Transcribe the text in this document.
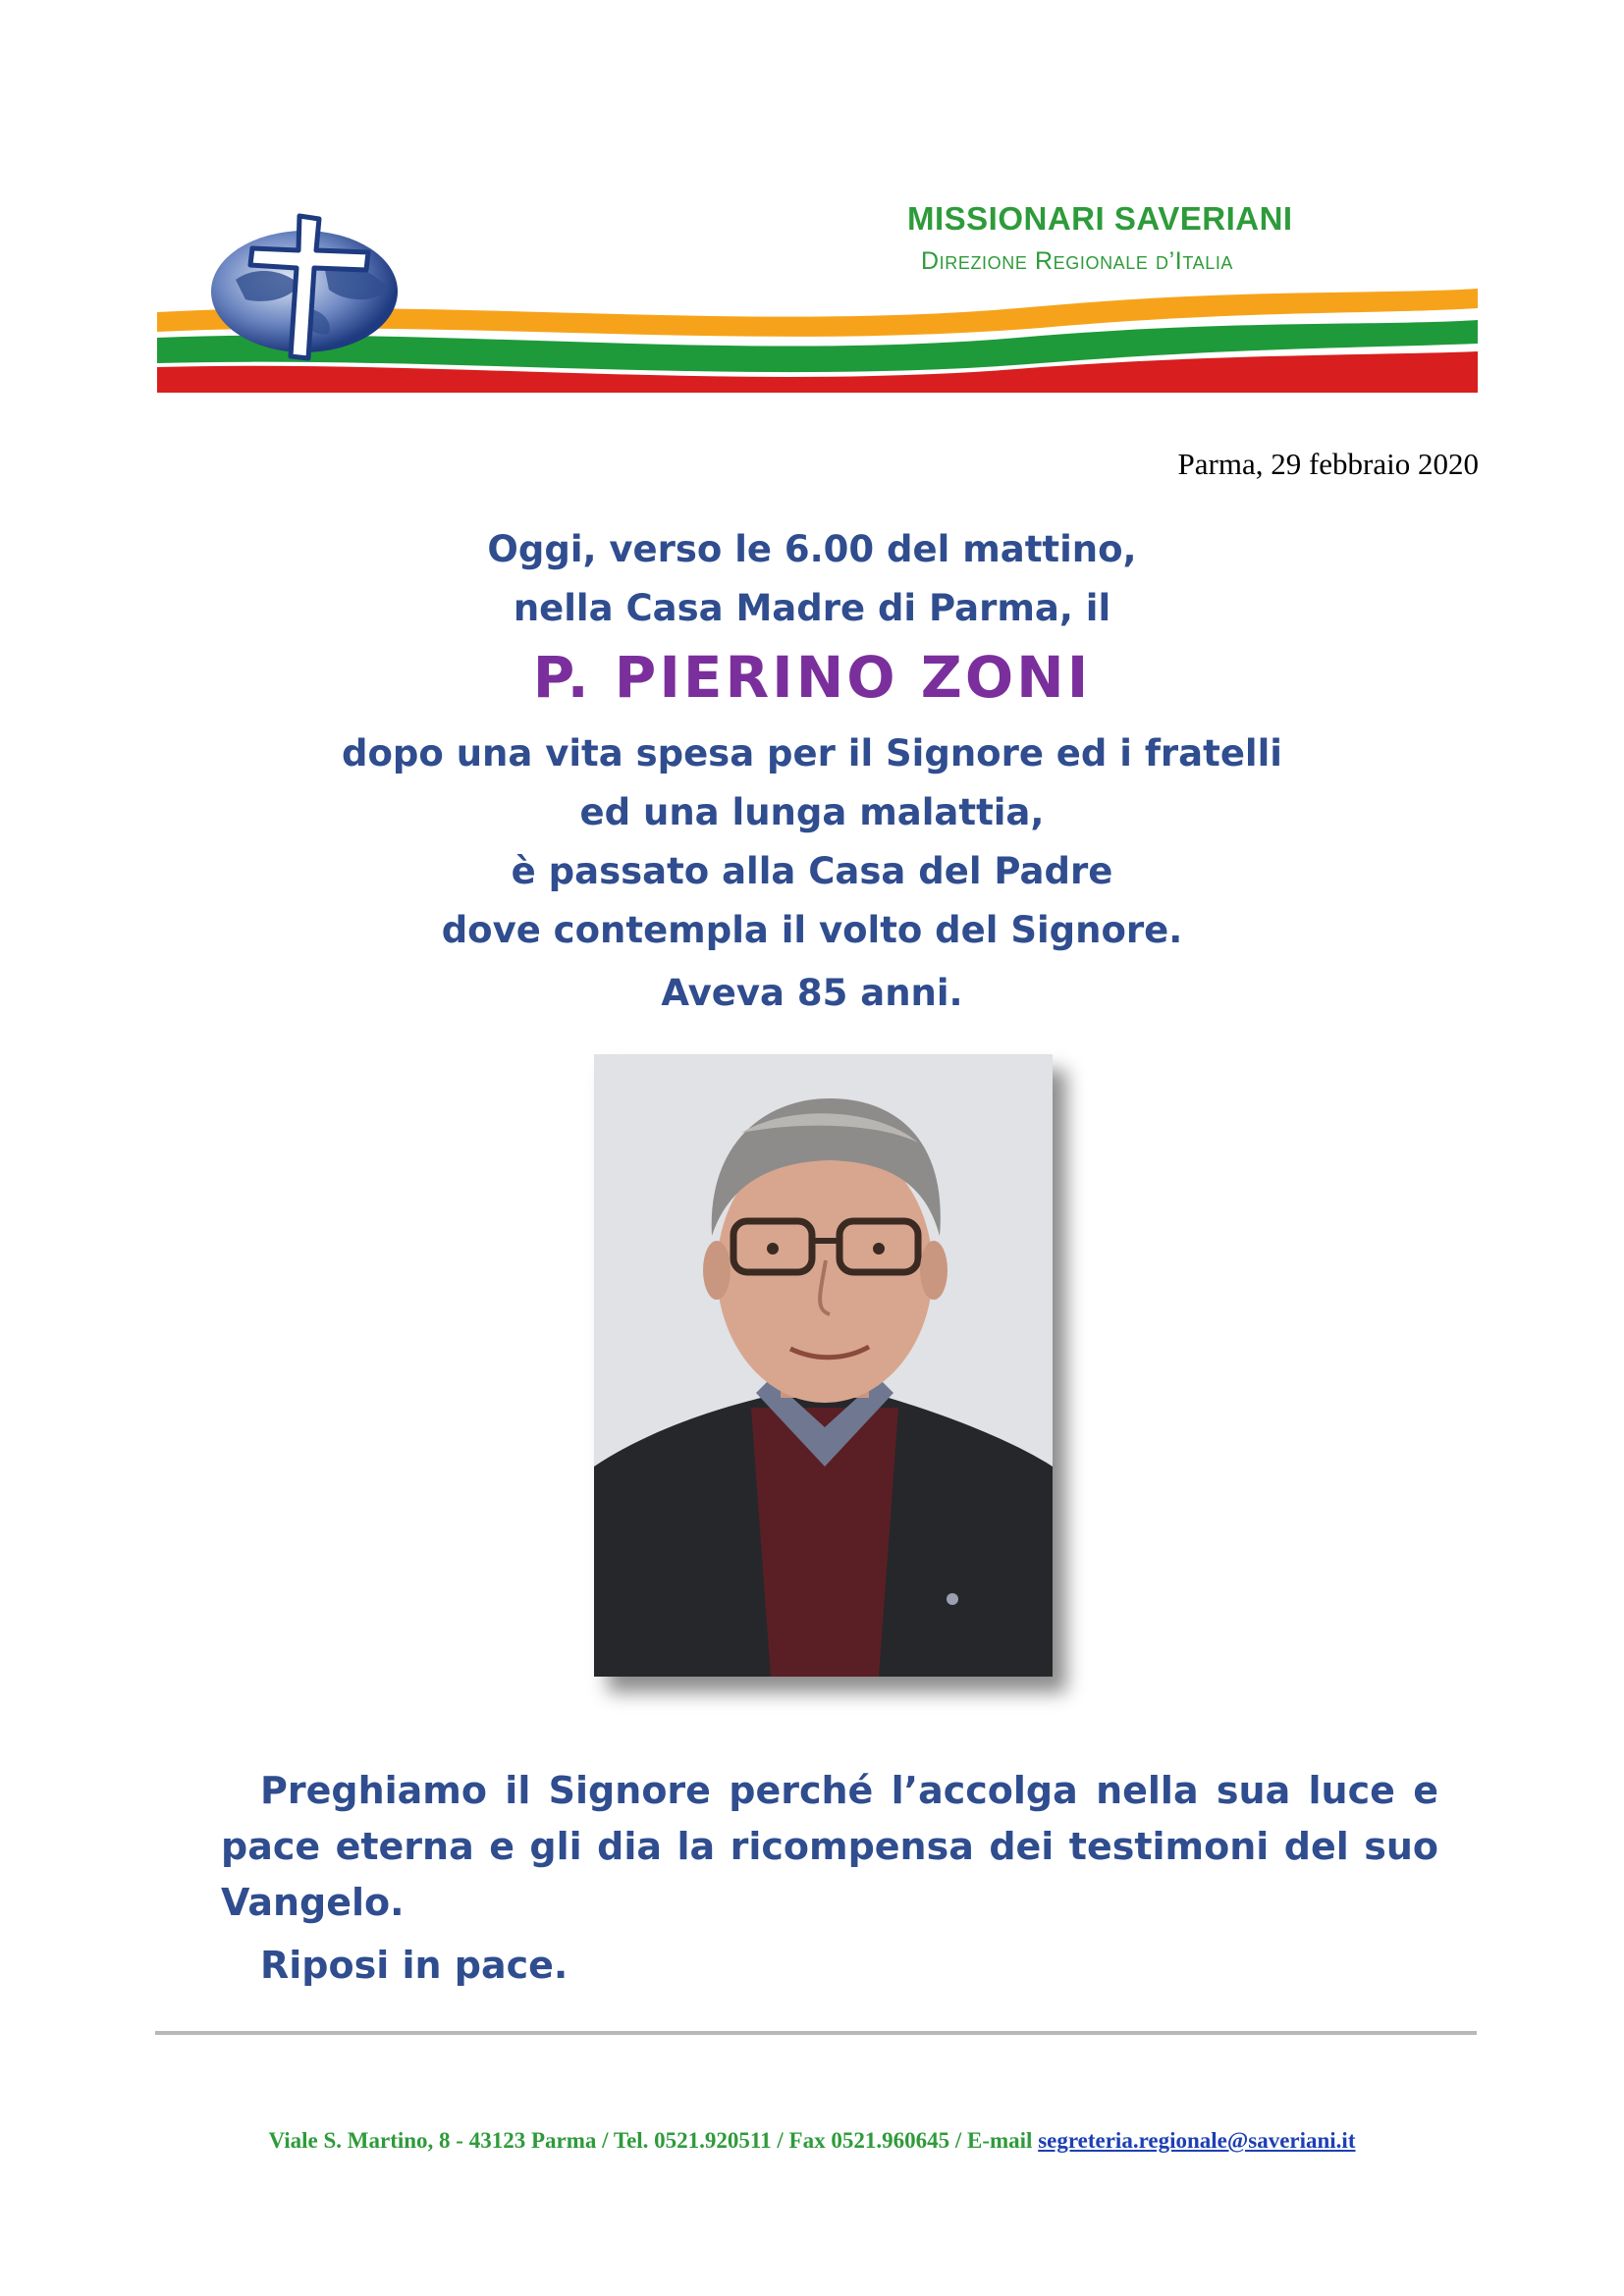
MISSIONARI SAVERIANI
Direzione Regionale d’Italia
Parma, 29 febbraio 2020
Oggi, verso le 6.00 del mattino,
nella Casa Madre di Parma, il
P. PIERINO ZONI
dopo una vita spesa per il Signore ed i fratelli
ed una lunga malattia,
è passato alla Casa del Padre
dove contempla il volto del Signore.
Aveva 85 anni.

Preghiamo il Signore perché l’accolga nella sua luce e pace eterna e gli dia la ricompensa dei testimoni del suo Vangelo.

Riposi in pace.
Viale S. Martino, 8 - 43123 Parma / Tel. 0521.920511 / Fax 0521.960645 / E-mail segreteria.regionale@saveriani.it
